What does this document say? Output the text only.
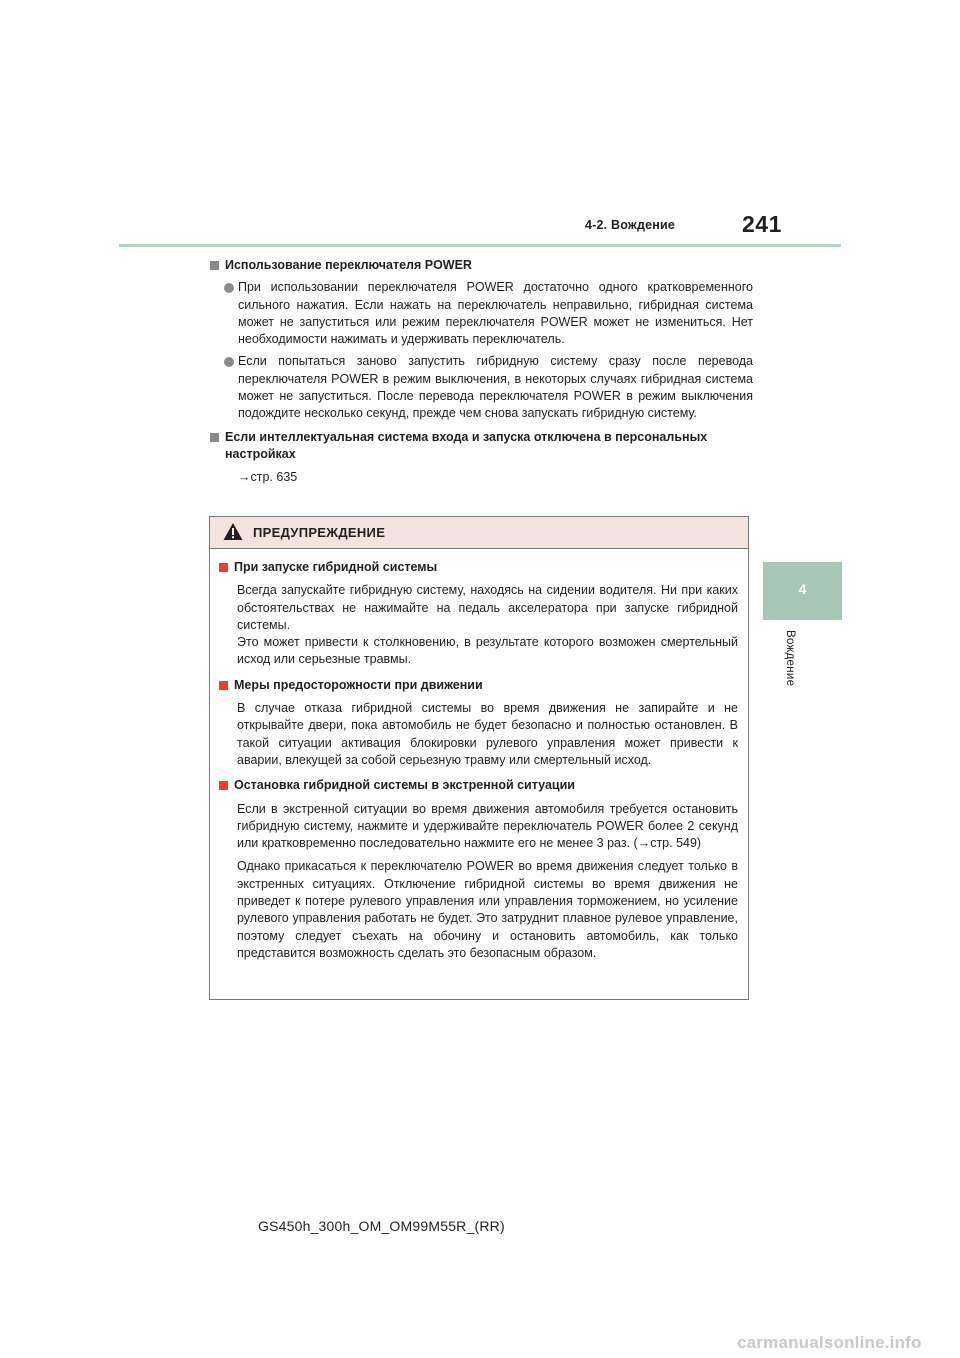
4-2. Вождение	241
4
Вождение
Использование переключателя POWER
При использовании переключателя POWER достаточно одного кратковременного сильного нажатия. Если нажать на переключатель неправильно, гибридная система может не запуститься или режим переключателя POWER может не измениться. Нет необходимости нажимать и удерживать переключатель.
Если попытаться заново запустить гибридную систему сразу после перевода переключателя POWER в режим выключения, в некоторых случаях гибридная система может не запуститься. После перевода переключателя POWER в режим выключения подождите несколько секунд, прежде чем снова запускать гибридную систему.
Если интеллектуальная система входа и запуска отключена в персональных настройках
→стр. 635
ПРЕДУПРЕЖДЕНИЕ
При запуске гибридной системы
Всегда запускайте гибридную систему, находясь на сидении водителя. Ни при каких обстоятельствах не нажимайте на педаль акселератора при запуске гибридной системы.
Это может привести к столкновению, в результате которого возможен смертельный исход или серьезные травмы.
Меры предосторожности при движении
В случае отказа гибридной системы во время движения не запирайте и не открывайте двери, пока автомобиль не будет безопасно и полностью остановлен. В такой ситуации активация блокировки рулевого управления может привести к аварии, влекущей за собой серьезную травму или смертельный исход.
Остановка гибридной системы в экстренной ситуации
Если в экстренной ситуации во время движения автомобиля требуется остановить гибридную систему, нажмите и удерживайте переключатель POWER более 2 секунд или кратковременно последовательно нажмите его не менее 3 раз. (→стр. 549)
Однако прикасаться к переключателю POWER во время движения следует только в экстренных ситуациях. Отключение гибридной системы во время движения не приведет к потере рулевого управления или управления торможением, но усиление рулевого управления работать не будет. Это затруднит плавное рулевое управление, поэтому следует съехать на обочину и остановить автомобиль, как только представится возможность сделать это безопасным образом.
GS450h_300h_OM_OM99M55R_(RR)
carmanualsonline.info
